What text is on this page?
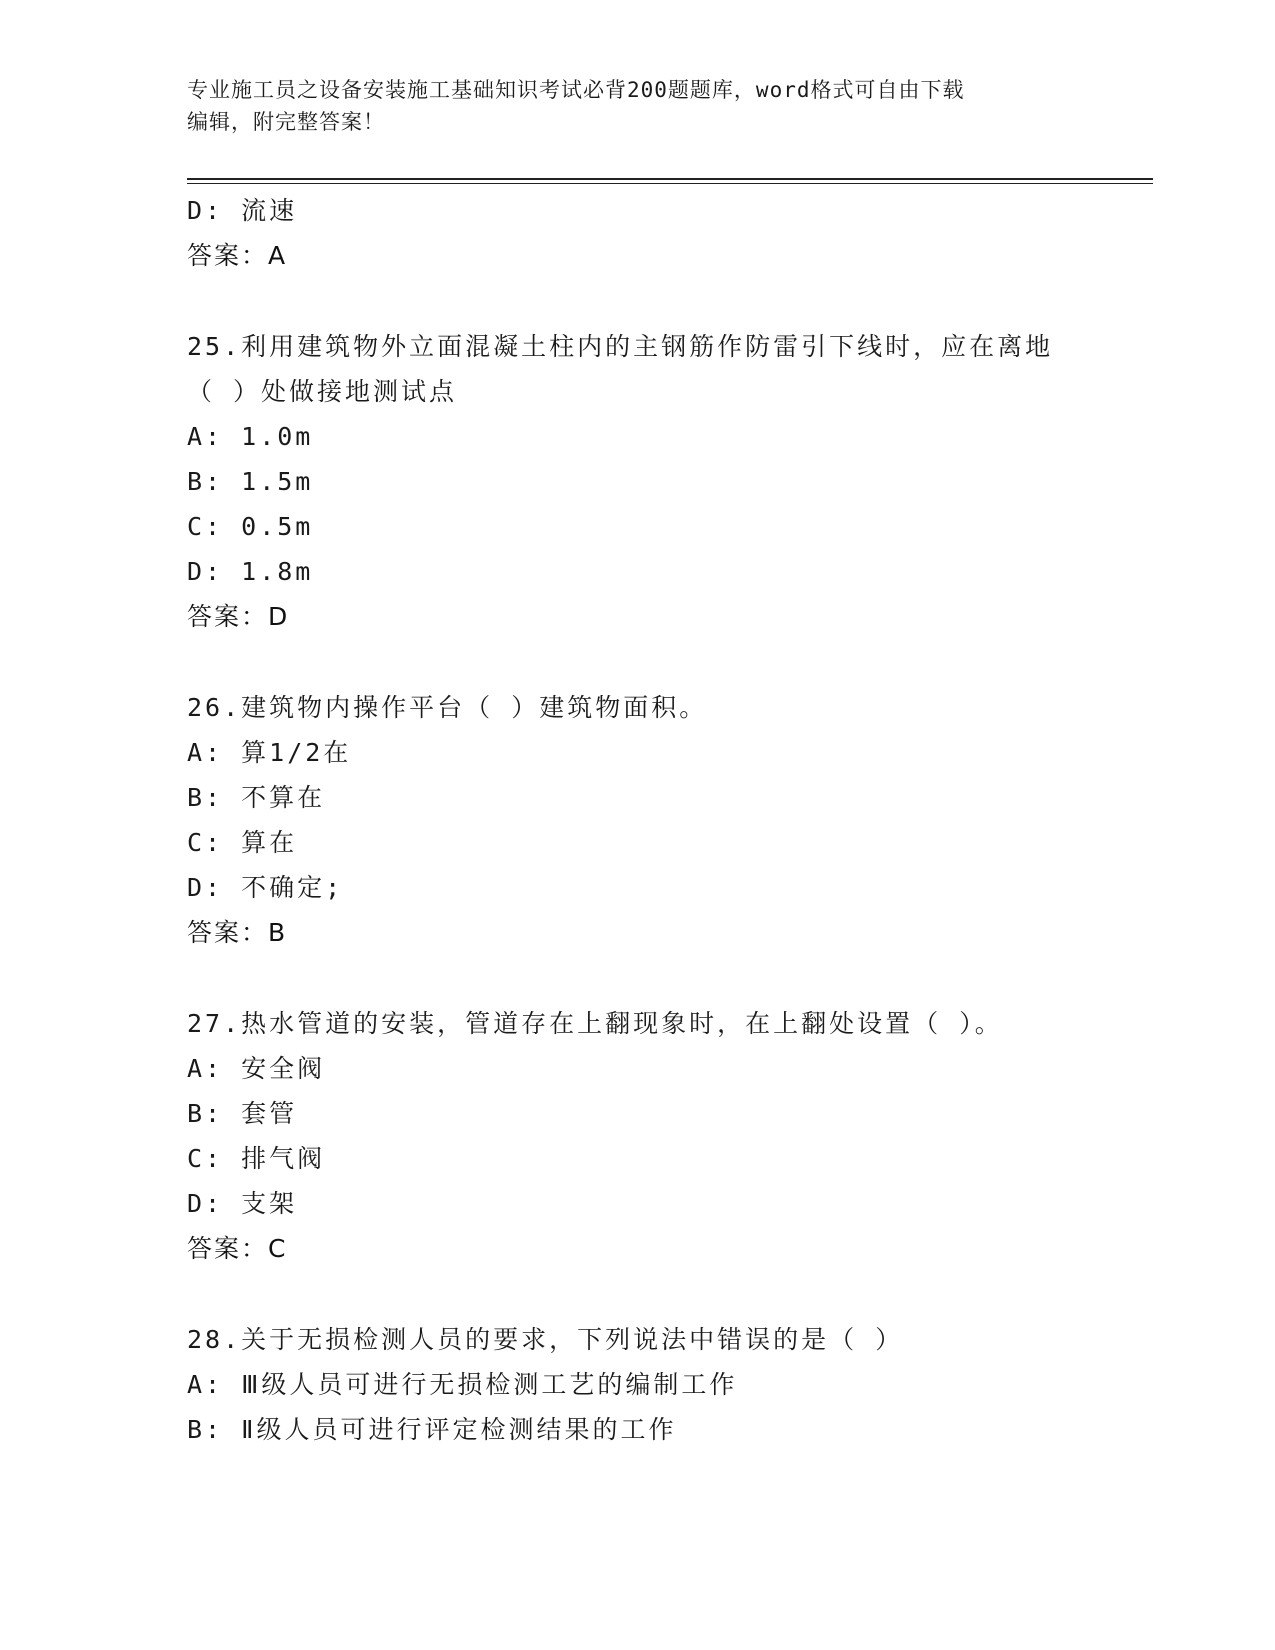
专业施工员之设备安装施工基础知识考试必背200题题库，word格式可自由下载
编辑，附完整答案！
D: 流速
答案：A
25.利用建筑物外立面混凝土柱内的主钢筋作防雷引下线时，应在离地（ ）处做接地测试点
A: 1.0m
B: 1.5m
C: 0.5m
D: 1.8m
答案：D
26.建筑物内操作平台（ ）建筑物面积。
A: 算1/2在
B: 不算在
C: 算在
D: 不确定;
答案：B
27.热水管道的安装，管道存在上翻现象时，在上翻处设置（ ）。
A: 安全阀
B: 套管
C: 排气阀
D: 支架
答案：C
28.关于无损检测人员的要求，下列说法中错误的是（ ）
A: Ⅲ级人员可进行无损检测工艺的编制工作
B: Ⅱ级人员可进行评定检测结果的工作
